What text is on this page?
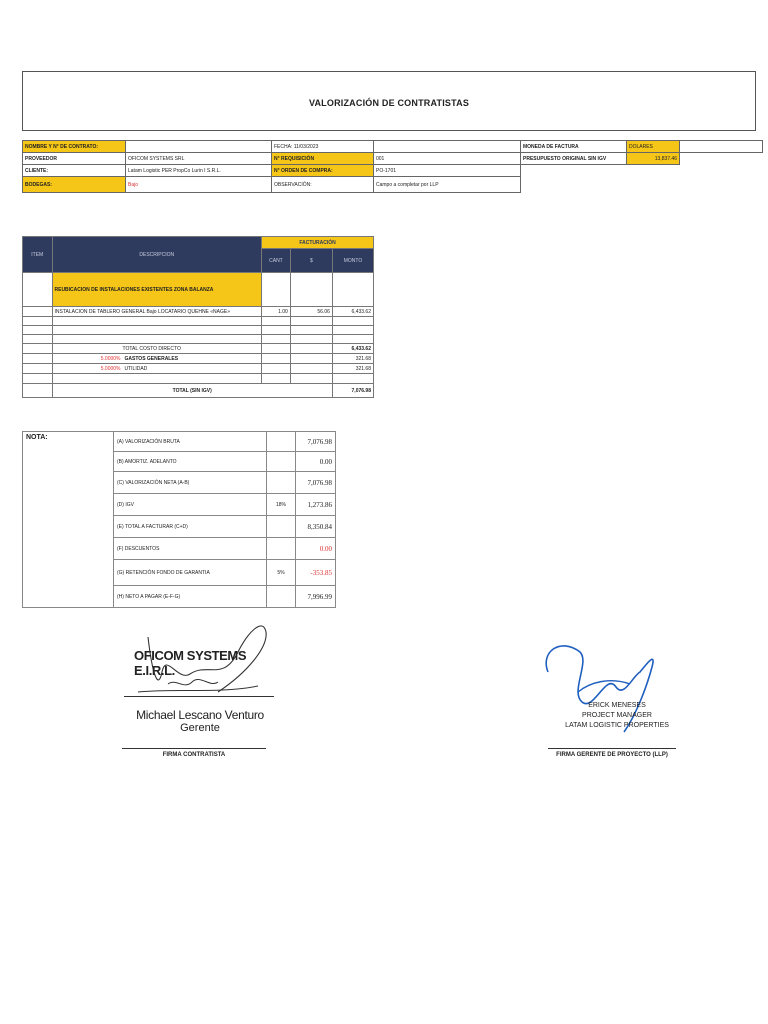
VALORIZACIÓN DE CONTRATISTAS
NOMBRE Y N° DE CONTRATO:		FECHA: 11/03/2023		MONEDA DE FACTURA	DOLARES	
PROVEEDOR	OFICOM SYSTEMS SRL	N° REQUISICIÓN	001	PRESUPUESTO ORIGINAL SIN IGV	13,837.46	
CLIENTE:	Latam Logistic PER PropCo Lurin I S.R.L.	N° ORDEN DE COMPRA:	PO-1701			
BODEGAS:	Bajo	OBSERVACIÓN:	Campo a completar por LLP			
ITEM	DESCRIPCION	FACTURACIÓN		
		CANT	$	MONTO
	REUBICACION DE INSTALACIONES EXISTENTES ZONA BALANZA			
	INSTALACION DE TABLERO GENERAL Bajo LOCATARIO QUEHNE «NAGE»	1.00	56.06	6,433.62

	TOTAL COSTO DIRECTO			6,433.62
	5.0000% GASTOS GENERALES			321.68
	5.0000% UTILIDAD			321.68

	TOTAL (SIN IGV)			7,076.98
NOTA:	(A) VALORIZACIÓN BRUTA		7,076.98
	(B) AMORTIZ. ADELANTO		0.00
	(C) VALORIZACIÓN NETA (A-B)		7,076.98
	(D) IGV	18%	1,273.86
	(E) TOTAL A FACTURAR (C+D)		8,350.84
	(F) DESCUENTOS		0.00
	(G) RETENCIÓN FONDO DE GARANTIA	5%	-353.85
	(H) NETO A PAGAR (E-F-G)		7,996.99
OFICOM SYSTEMS E.I.R.L.
Michael Lescano Venturo
Gerente
FIRMA CONTRATISTA
ERICK MENESES
PROJECT MANAGER
LATAM LOGISTIC PROPERTIES
FIRMA GERENTE DE PROYECTO (LLP)
